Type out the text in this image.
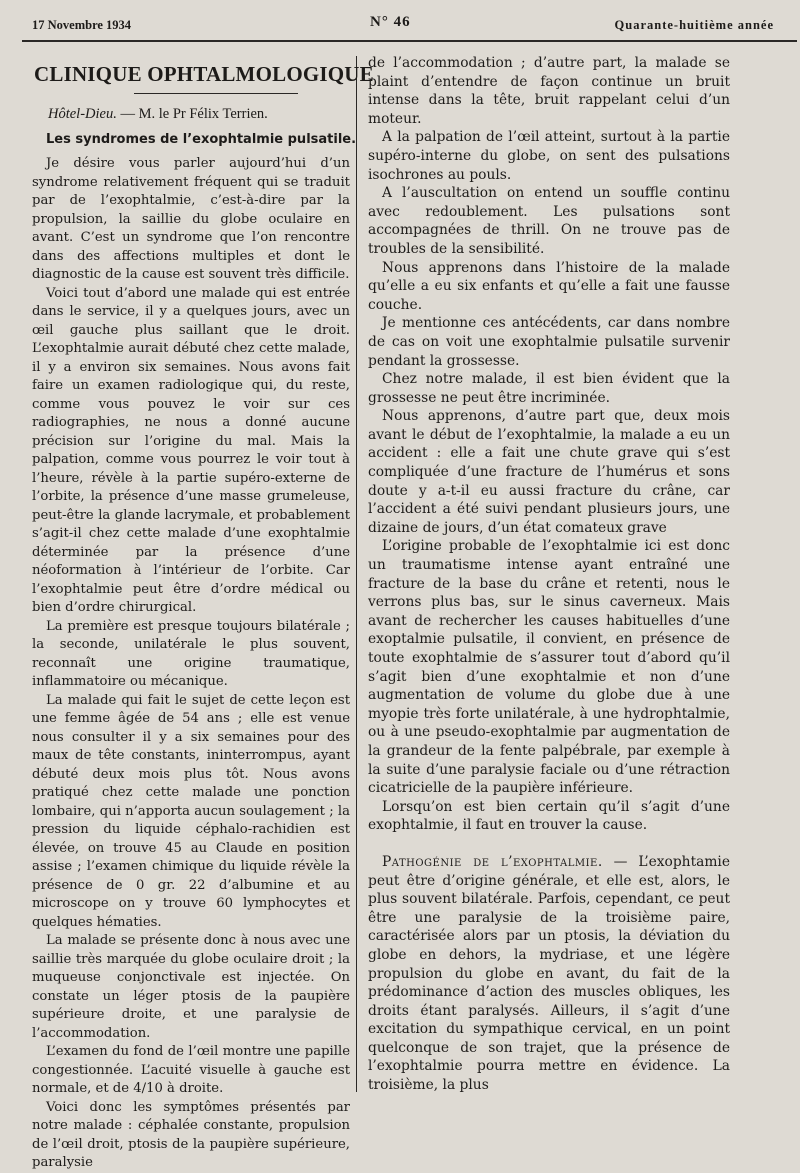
17 Novembre 1934	N° 46	Quarante-huitième année
CLINIQUE OPHTALMOLOGIQUE
Hôtel-Dieu. — M. le Pr Félix Terrien.
Les syndromes de l’exophtalmie pulsatile.

Je désire vous parler aujourd’hui d’un syndrome relativement fréquent qui se traduit par de l’exophtalmie, c’est-à-dire par la propulsion, la saillie du globe oculaire en avant. C’est un syndrome que l’on rencontre dans des affections multiples et dont le diagnostic de la cause est souvent très difficile.

Voici tout d’abord une malade qui est entrée dans le service, il y a quelques jours, avec un œil gauche plus saillant que le droit. L’exophtalmie aurait débuté chez cette malade, il y a environ six semaines. Nous avons fait faire un examen radiologique qui, du reste, comme vous pouvez le voir sur ces radiographies, ne nous a donné aucune précision sur l’origine du mal. Mais la palpation, comme vous pourrez le voir tout à l’heure, révèle à la partie supéro-externe de l’orbite, la présence d’une masse grumeleuse, peut-être la glande lacrymale, et probablement s’agit-il chez cette malade d’une exophtalmie déterminée par la présence d’une néoformation à l’intérieur de l’orbite. Car l’exophtalmie peut être d’ordre médical ou bien d’ordre chirurgical.

La première est presque toujours bilatérale ; la seconde, unilatérale le plus souvent, reconnaît une origine traumatique, inflammatoire ou mécanique.

La malade qui fait le sujet de cette leçon est une femme âgée de 54 ans ; elle est venue nous consulter il y a six semaines pour des maux de tête constants, ininterrompus, ayant débuté deux mois plus tôt. Nous avons pratiqué chez cette malade une ponction lombaire, qui n’apporta aucun soulagement ; la pression du liquide céphalo-rachidien est élevée, on trouve 45 au Claude en position assise ; l’examen chimique du liquide révèle la présence de 0 gr. 22 d’albumine et au microscope on y trouve 60 lymphocytes et quelques hématies.

La malade se présente donc à nous avec une saillie très marquée du globe oculaire droit ; la muqueuse conjonctivale est injectée. On constate un léger ptosis de la paupière supérieure droite, et une paralysie de l’accommodation.

L’examen du fond de l’œil montre une papille congestionnée. L’acuité visuelle à gauche est normale, et de 4/10 à droite.

Voici donc les symptômes présentés par notre malade : céphalée constante, propulsion de l’œil droit, ptosis de la paupière supérieure, paralysie

de l’accommodation ; d’autre part, la malade se plaint d’entendre de façon continue un bruit intense dans la tête, bruit rappelant celui d’un moteur.

A la palpation de l’œil atteint, surtout à la partie supéro-interne du globe, on sent des pulsations isochrones au pouls.

A l’auscultation on entend un souffle continu avec redoublement. Les pulsations sont accompagnées de thrill. On ne trouve pas de troubles de la sensibilité.

Nous apprenons dans l’histoire de la malade qu’elle a eu six enfants et qu’elle a fait une fausse couche.

Je mentionne ces antécédents, car dans nombre de cas on voit une exophtalmie pulsatile survenir pendant la grossesse.

Chez notre malade, il est bien évident que la grossesse ne peut être incriminée.

Nous apprenons, d’autre part que, deux mois avant le début de l’exophtalmie, la malade a eu un accident : elle a fait une chute grave qui s’est compliquée d’une fracture de l’humérus et sons doute y a-t-il eu aussi fracture du crâne, car l’accident a été suivi pendant plusieurs jours, une dizaine de jours, d’un état comateux grave

L’origine probable de l’exophtalmie ici est donc un traumatisme intense ayant entraîné une fracture de la base du crâne et retenti, nous le verrons plus bas, sur le sinus caverneux. Mais avant de rechercher les causes habituelles d’une exoptalmie pulsatile, il convient, en présence de toute exophtalmie de s’assurer tout d’abord qu’il s’agit bien d’une exophtalmie et non d’une augmentation de volume du globe due à une myopie très forte unilatérale, à une hydrophtalmie, ou à une pseudo-exophtalmie par augmentation de la grandeur de la fente palpébrale, par exemple à la suite d’une paralysie faciale ou d’une rétraction cicatricielle de la paupière inférieure.

Lorsqu’on est bien certain qu’il s’agit d’une exophtalmie, il faut en trouver la cause.

Pathogénie de l’exophtalmie. — L’exophtamie peut être d’origine générale, et elle est, alors, le plus souvent bilatérale. Parfois, cependant, ce peut être une paralysie de la troisième paire, caractérisée alors par un ptosis, la déviation du globe en dehors, la mydriase, et une légère propulsion du globe en avant, du fait de la prédominance d’action des muscles obliques, les droits étant paralysés. Ailleurs, il s’agit d’une excitation du sympathique cervical, en un point quelconque de son trajet, que la présence de l’exophtalmie pourra mettre en évidence. La troisième, la plus
